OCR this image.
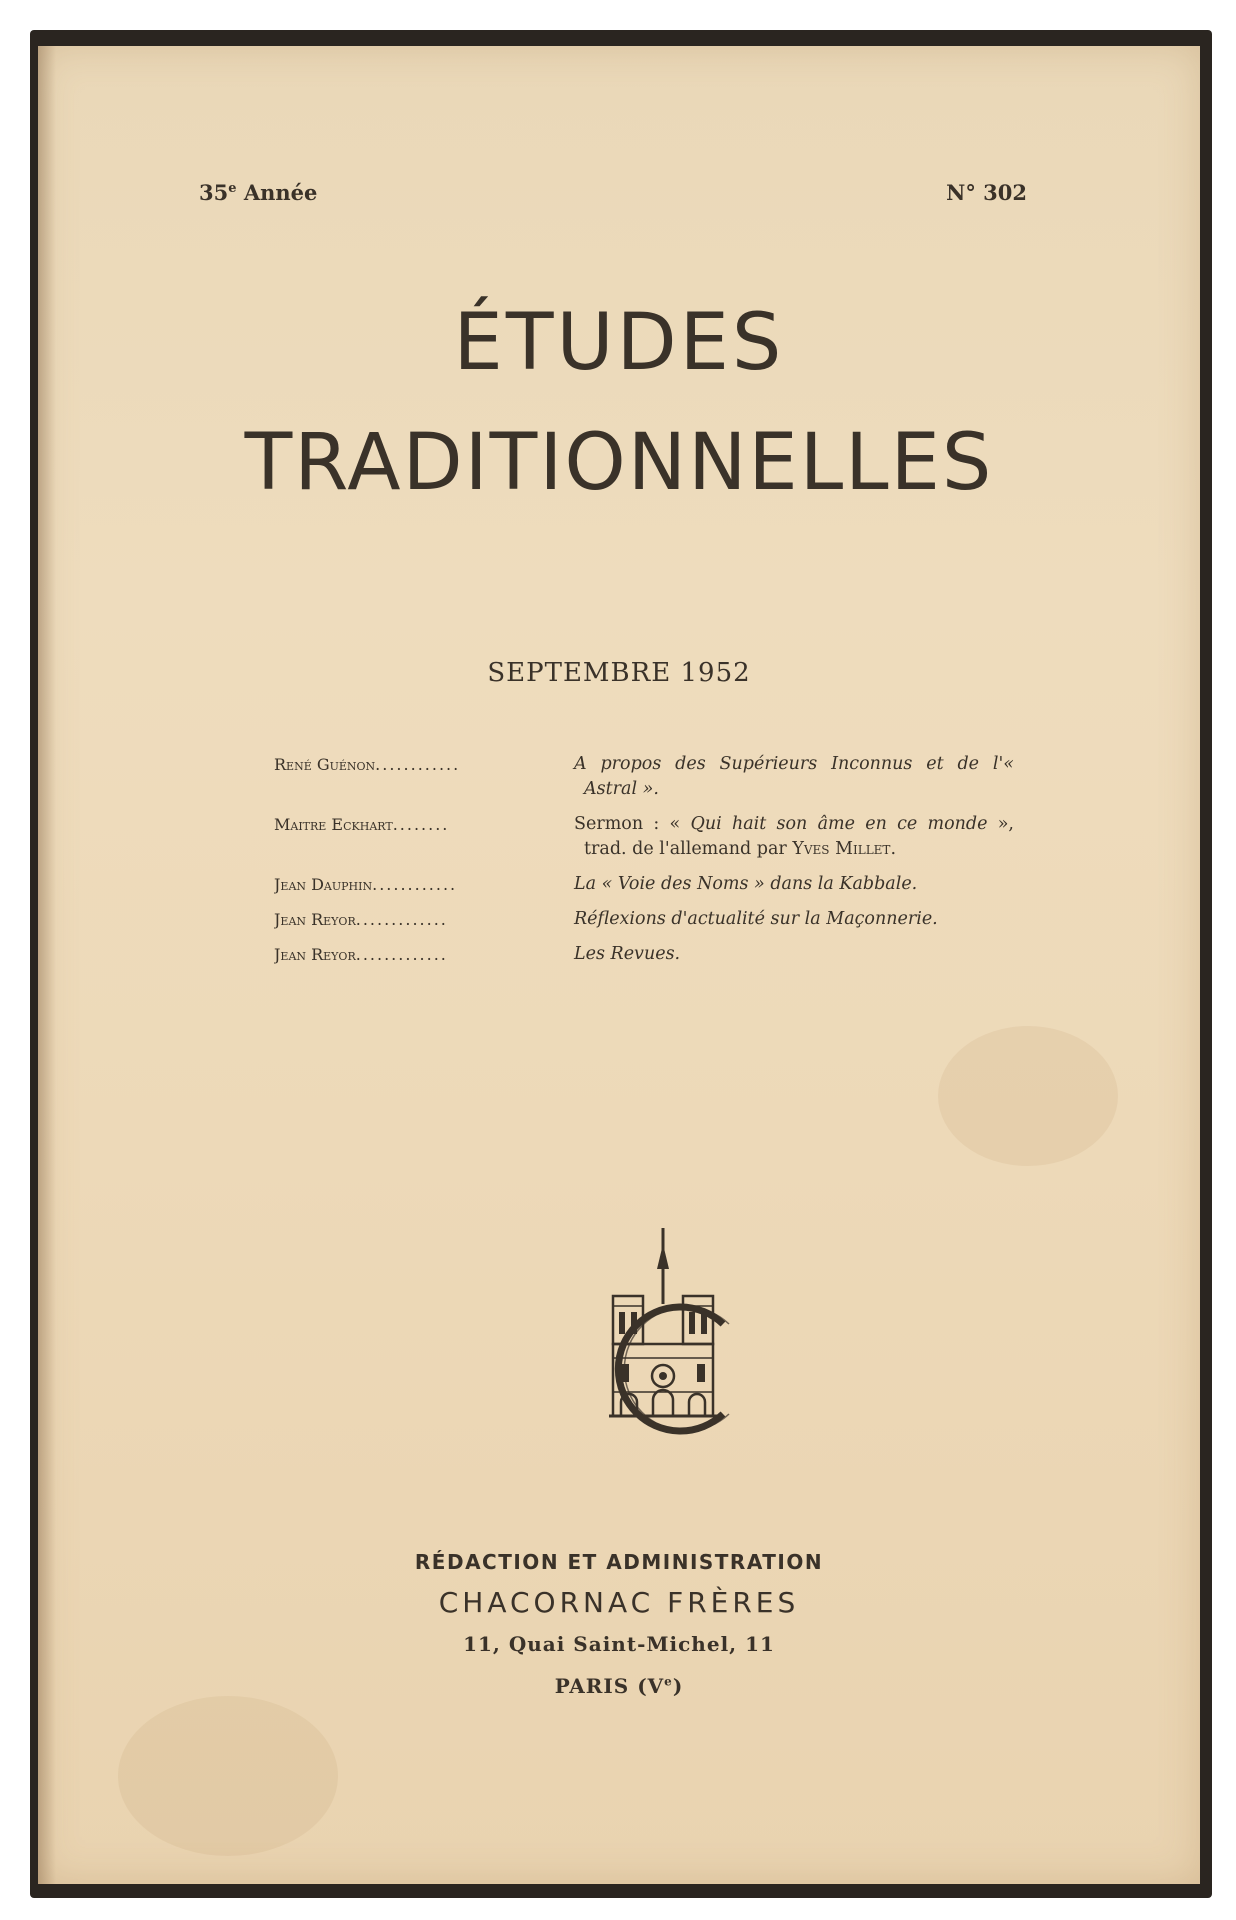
35e Année	N° 302
ÉTUDES
TRADITIONNELLES
SEPTEMBRE 1952
René Guénon............	A propos des Supérieurs Inconnus et de l'« Astral ».
Maitre Eckhart........	Sermon : « Qui hait son âme en ce monde », trad. de l'allemand par Yves Millet.
Jean Dauphin............	La « Voie des Noms » dans la Kabbale.
Jean Reyor.............	Réflexions d'actualité sur la Maçonnerie.
Jean Reyor.............	Les Revues.
RÉDACTION ET ADMINISTRATION
CHACORNAC FRÈRES
11, Quai Saint-Michel, 11
PARIS (Ve)
